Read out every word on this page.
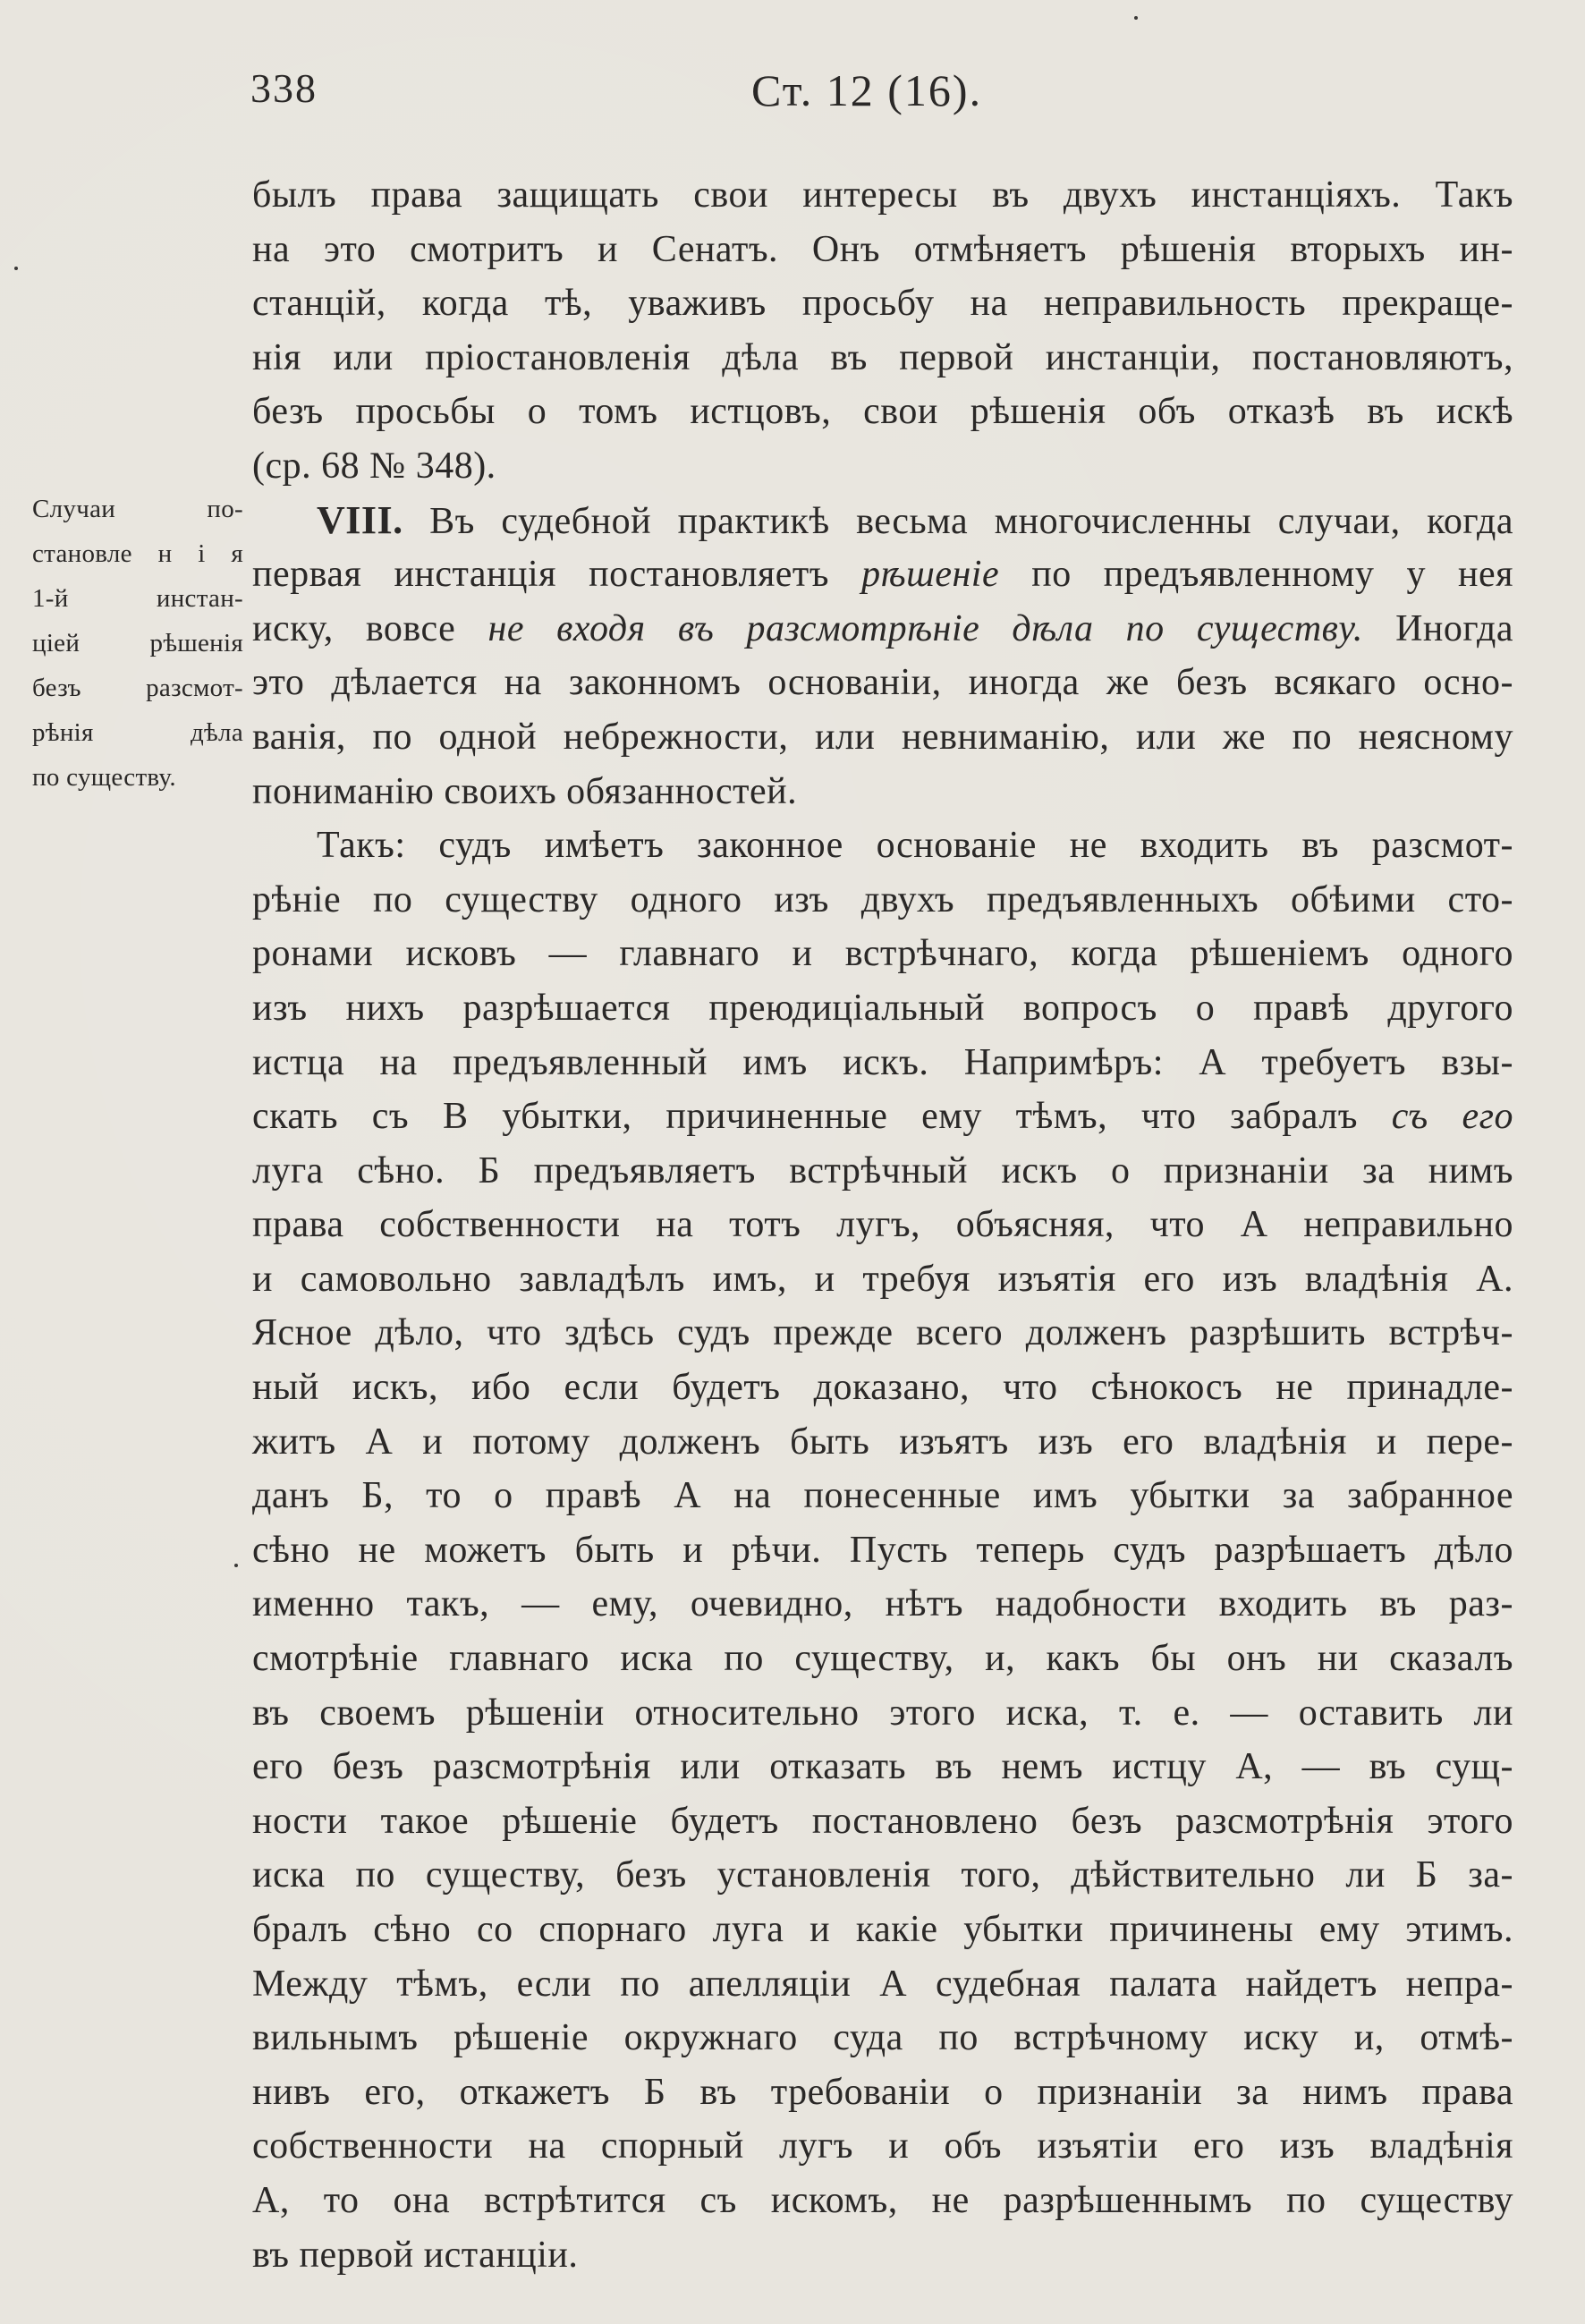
338	Ст. 12 (16).
Случаи по-
становле н і я
1-й инстан-
ціей рѣшенія
безъ разсмот-
рѣнія дѣла
по существу.
былъ права защищать свои интересы въ двухъ инстанціяхъ. Такъ
на это смотритъ и Сенатъ. Онъ отмѣняетъ рѣшенія вторыхъ ин-
станцій, когда тѣ, уваживъ просьбу на неправильность прекраще-
нія или пріостановленія дѣла въ первой инстанціи, постановляютъ,
безъ просьбы о томъ истцовъ, свои рѣшенія объ отказѣ въ искѣ
(ср. 68 № 348).
VIII. Въ судебной практикѣ весьма многочисленны случаи, когда
первая инстанція постановляетъ рѣшеніе по предъявленному у нея
иску, вовсе не входя въ разсмотрѣніе дѣла по существу. Иногда
это дѣлается на законномъ основаніи, иногда же безъ всякаго осно-
ванія, по одной небрежности, или невниманію, или же по неясному
пониманію своихъ обязанностей.
Такъ: судъ имѣетъ законное основаніе не входить въ разсмот-
рѣніе по существу одного изъ двухъ предъявленныхъ обѣими сто-
ронами исковъ — главнаго и встрѣчнаго, когда рѣшеніемъ одного
изъ нихъ разрѣшается преюдиціальный вопросъ о правѣ другого
истца на предъявленный имъ искъ. Напримѣръ: А требуетъ взы-
скать съ В убытки, причиненные ему тѣмъ, что забралъ съ его
луга сѣно. Б предъявляетъ встрѣчный искъ о признаніи за нимъ
права собственности на тотъ лугъ, объясняя, что А неправильно
и самовольно завладѣлъ имъ, и требуя изъятія его изъ владѣнія А.
Ясное дѣло, что здѣсь судъ прежде всего долженъ разрѣшить встрѣч-
ный искъ, ибо если будетъ доказано, что сѣнокосъ не принадле-
житъ А и потому долженъ быть изъятъ изъ его владѣнія и пере-
данъ Б, то о правѣ А на понесенные имъ убытки за забранное
сѣно не можетъ быть и рѣчи. Пусть теперь судъ разрѣшаетъ дѣло
именно такъ, — ему, очевидно, нѣтъ надобности входить въ раз-
смотрѣніе главнаго иска по существу, и, какъ бы онъ ни сказалъ
въ своемъ рѣшеніи относительно этого иска, т. е. — оставить ли
его безъ разсмотрѣнія или отказать въ немъ истцу А, — въ сущ-
ности такое рѣшеніе будетъ постановлено безъ разсмотрѣнія этого
иска по существу, безъ установленія того, дѣйствительно ли Б за-
бралъ сѣно со спорнаго луга и какіе убытки причинены ему этимъ.
Между тѣмъ, если по апелляціи А судебная палата найдетъ непра-
вильнымъ рѣшеніе окружнаго суда по встрѣчному иску и, отмѣ-
нивъ его, откажетъ Б въ требованіи о признаніи за нимъ права
собственности на спорный лугъ и объ изъятіи его изъ владѣнія
А, то она встрѣтится съ искомъ, не разрѣшеннымъ по существу
въ первой истанціи.
